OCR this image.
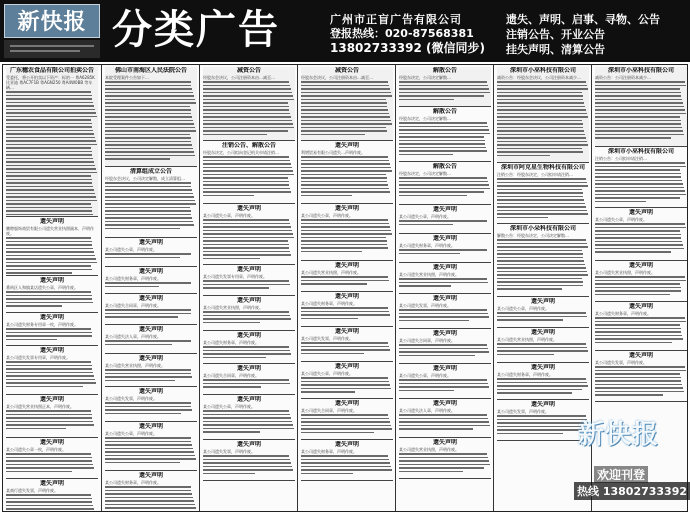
新快报 分类广告	广州市正盲广告有限公司
登报热线：020-87568381
13802733392 (微信同步)
遗失、声明、启事、寻物、公告
注销公告、开业公告
挂失声明、清算公告
广东穗农食品有限公司拍卖公告
受委托，将公开拍卖以下资产：标的一 粤A6285K 比亚迪 粤AC7F1B 粤AGN250 粤A4W0BB 等车辆…
遗失声明
鹏聘服饰商贸有限公司遗失营业执照副本，声明作废。
遗失声明
番禺区人和镇某店遗失公章，声明作废。
遗失声明
某公司遗失财务专用章一枚，声明作废。
遗失声明
某公司遗失发票专用章，声明作废。
遗失声明
某公司遗失营业执照正本，声明作废。
遗失声明
某公司遗失公章一枚，声明作废。
遗失声明
某商行遗失发票，声明作废。
佛山市南海区人民法院公告
本院受理案件公告如下…
清算组成立公告
经股东会决议，公司决定解散，成立清算组…
遗失声明
某公司遗失公章，声明作废。
遗失声明
某公司遗失财务章，声明作废。
遗失声明
某公司遗失合同章，声明作废。
遗失声明
某公司遗失法人章，声明作废。
遗失声明
某公司遗失营业执照，声明作废。
遗失声明
某公司遗失发票，声明作废。
遗失声明
某公司遗失公章，声明作废。
遗失声明
某公司遗失财务章，声明作废。
减资公告
经股东会决议，公司注册资本由…减至…
注销公告、解散公告
经股东决定，公司拟向登记机关申请注销…
遗失声明
某公司遗失公章，声明作废。
遗失声明
某公司遗失发票专用章，声明作废。
遗失声明
某公司遗失营业执照，声明作废。
遗失声明
某公司遗失财务章，声明作废。
遗失声明
某公司遗失合同章，声明作废。
遗失声明
某公司遗失公章，声明作废。
遗失声明
某公司遗失发票，声明作废。
减资公告
经股东会决议，公司注册资本由…减至…
遗失声明
利增贸易有限公司遗失…声明作废。
遗失声明
某公司遗失公章，声明作废。
遗失声明
某公司遗失营业执照，声明作废。
遗失声明
某公司遗失财务章，声明作废。
遗失声明
某公司遗失发票，声明作废。
遗失声明
某公司遗失公章，声明作废。
遗失声明
某公司遗失合同章，声明作废。
遗失声明
某公司遗失财务章，声明作废。
解散公告
经股东决定，公司决定解散…
解散公告
经股东决定，公司决定解散…
解散公告
经股东决定，公司决定解散…
遗失声明
某公司遗失公章，声明作废。
遗失声明
某公司遗失财务章，声明作废。
遗失声明
某公司遗失营业执照，声明作废。
遗失声明
某公司遗失发票，声明作废。
遗失声明
某公司遗失合同章，声明作废。
遗失声明
某公司遗失公章，声明作废。
遗失声明
某公司遗失法人章，声明作废。
遗失声明
某公司遗失营业执照，声明作废。
深圳市小巫科技有限公司
减资公告：经股东会决议，公司注册资本减少…
深圳市阿克星生物科技有限公司
注销公告：经股东决定，公司拟申请注销…
深圳市小朵科技有限公司
解散公告：经股东决定，公司决定解散…
遗失声明
某公司遗失公章，声明作废。
遗失声明
某公司遗失营业执照，声明作废。
遗失声明
某公司遗失财务章，声明作废。
遗失声明
某公司遗失发票，声明作废。
深圳市小巫科技有限公司
减资公告：公司注册资本减少…
深圳市小巫科技有限公司
注销公告：公司拟申请注销…
遗失声明
某公司遗失公章，声明作废。
遗失声明
某公司遗失营业执照，声明作废。
遗失声明
某公司遗失财务章，声明作废。
遗失声明
某公司遗失发票，声明作废。
新快报
欢迎刊登
热线 13802733392
